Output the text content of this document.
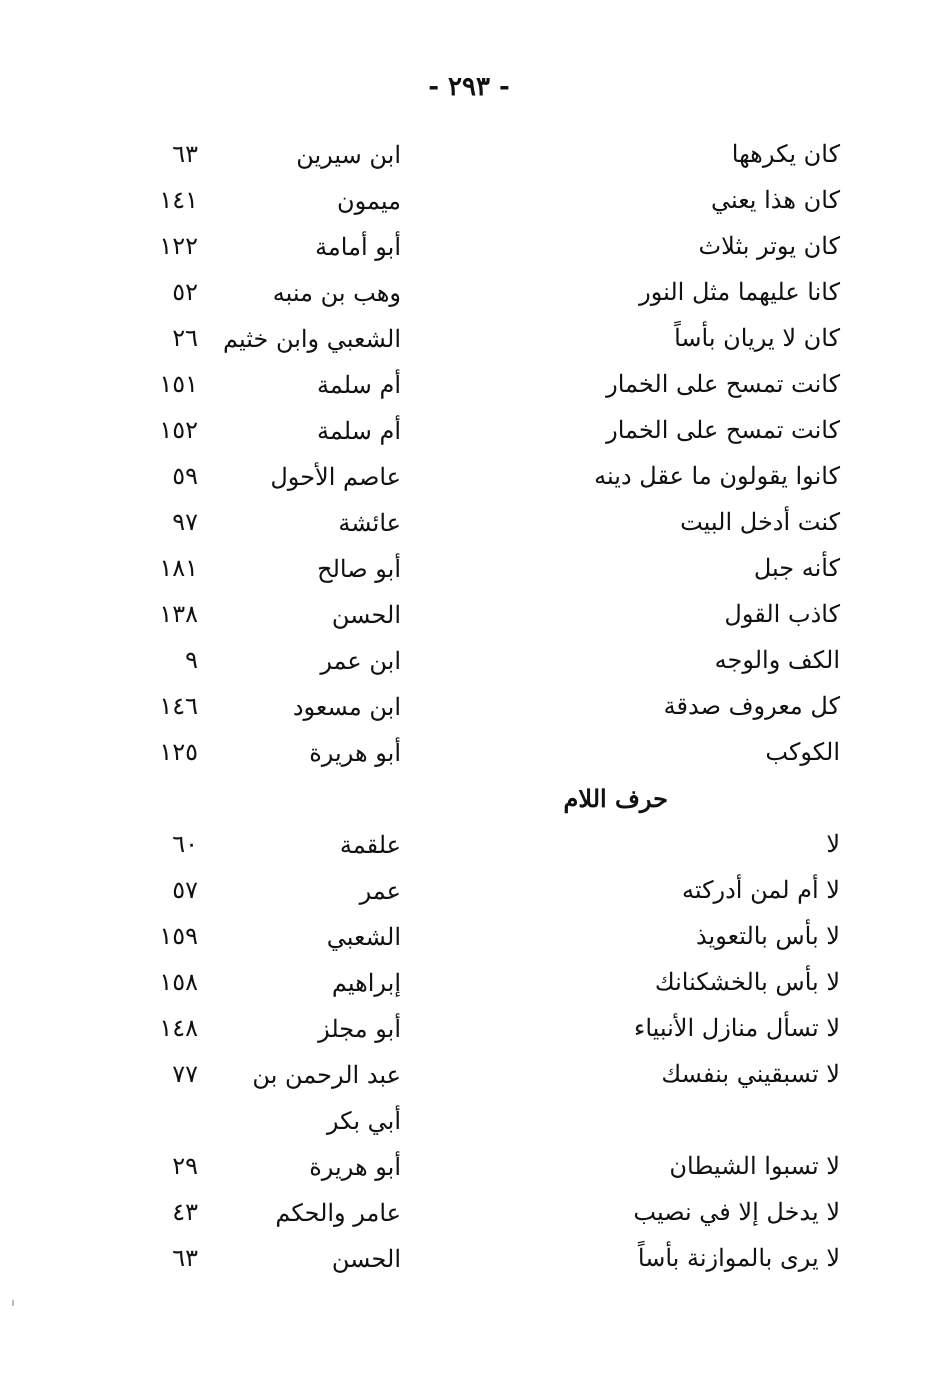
- ٢٩٣ -
كان يكرهها
ابن سيرين
٦٣
كان هذا يعني
ميمون
١٤١
كان يوتر بثلاث
أبو أمامة
١٢٢
كانا عليهما مثل النور
وهب بن منبه
٥٢
كان لا يريان بأساً
الشعبي وابن خثيم
٢٦
كانت تمسح على الخمار
أم سلمة
١٥١
كانت تمسح على الخمار
أم سلمة
١٥٢
كانوا يقولون ما عقل دينه
عاصم الأحول
٥٩
كنت أدخل البيت
عائشة
٩٧
كأنه جبل
أبو صالح
١٨١
كاذب القول
الحسن
١٣٨
الكف والوجه
ابن عمر
٩
كل معروف صدقة
ابن مسعود
١٤٦
الكوكب
أبو هريرة
١٢٥
حرف اللام
لا
علقمة
٦٠
لا أم لمن أدركته
عمر
٥٧
لا بأس بالتعويذ
الشعبي
١٥٩
لا بأس بالخشكنانك
إبراهيم
١٥٨
لا تسأل منازل الأنبياء
أبو مجلز
١٤٨
لا تسبقيني بنفسك
عبد الرحمن بن أبي بكر
٧٧
لا تسبوا الشيطان
أبو هريرة
٢٩
لا يدخل إلا في نصيب
عامر والحكم
٤٣
لا يرى بالموازنة بأساً
الحسن
٦٣
